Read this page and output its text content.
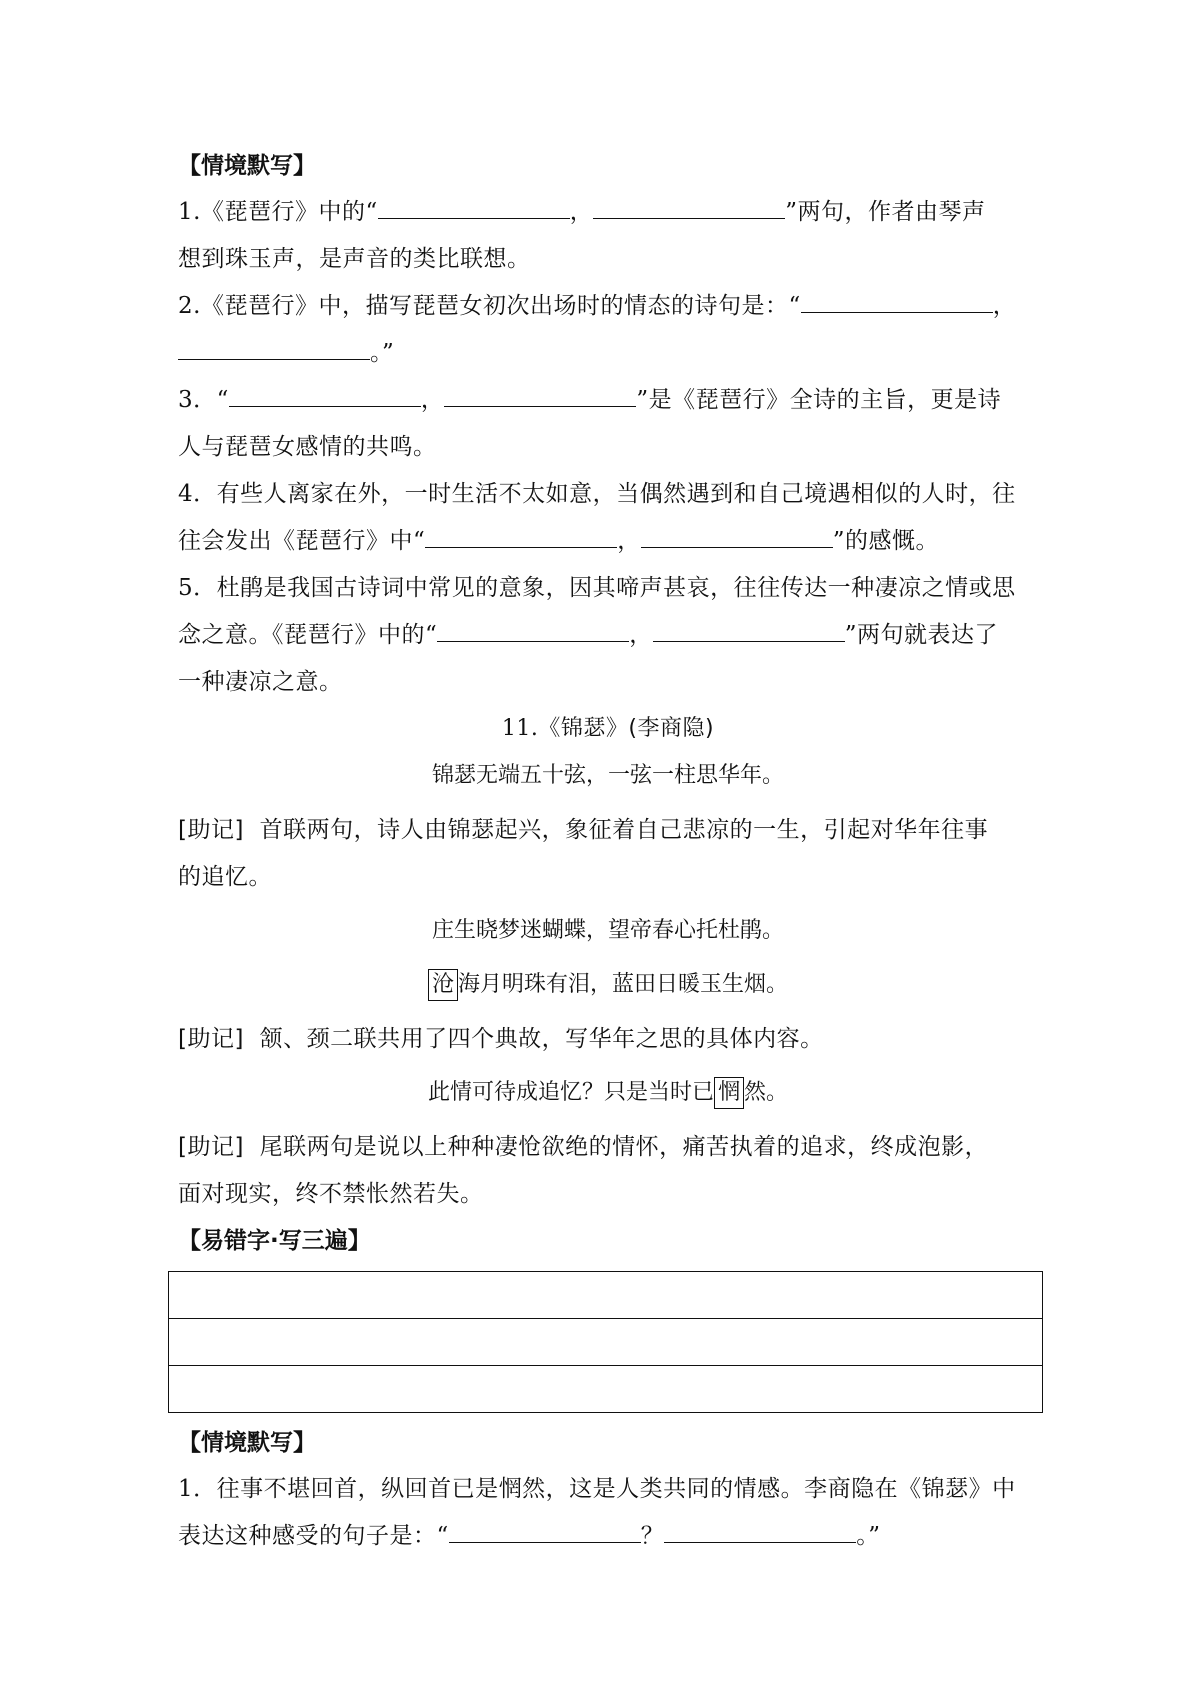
【情境默写】
1.《琵琶行》中的“	，	”两句，作者由琴声
想到珠玉声，是声音的类比联想。
2.《琵琶行》中，描写琵琶女初次出场时的情态的诗句是：“	，
。”
3．“	，	”是《琵琶行》全诗的主旨，更是诗
人与琵琶女感情的共鸣。
4．有些人离家在外，一时生活不太如意，当偶然遇到和自己境遇相似的人时，往
往会发出《琵琶行》中“	，	”的感慨。
5．杜鹃是我国古诗词中常见的意象，因其啼声甚哀，往往传达一种凄凉之情或思
念之意。《琵琶行》中的“	，	”两句就表达了
一种凄凉之意。
11.《锦瑟》(李商隐)
锦瑟无端五十弦，一弦一柱思华年。
[助记] 首联两句，诗人由锦瑟起兴，象征着自己悲凉的一生，引起对华年往事
的追忆。
庄生晓梦迷蝴蝶，望帝春心托杜鹃。
沧 海月明珠有泪，蓝田日暖玉生烟。
[助记] 颔、颈二联共用了四个典故，写华年之思的具体内容。
此情可待成追忆？只是当时已 惘 然。
[助记] 尾联两句是说以上种种凄怆欲绝的情怀，痛苦执着的追求，终成泡影，
面对现实，终不禁怅然若失。
【易错字·写三遍】
【情境默写】
1．往事不堪回首，纵回首已是惘然，这是人类共同的情感。李商隐在《锦瑟》中
表达这种感受的句子是：“	？	。”
